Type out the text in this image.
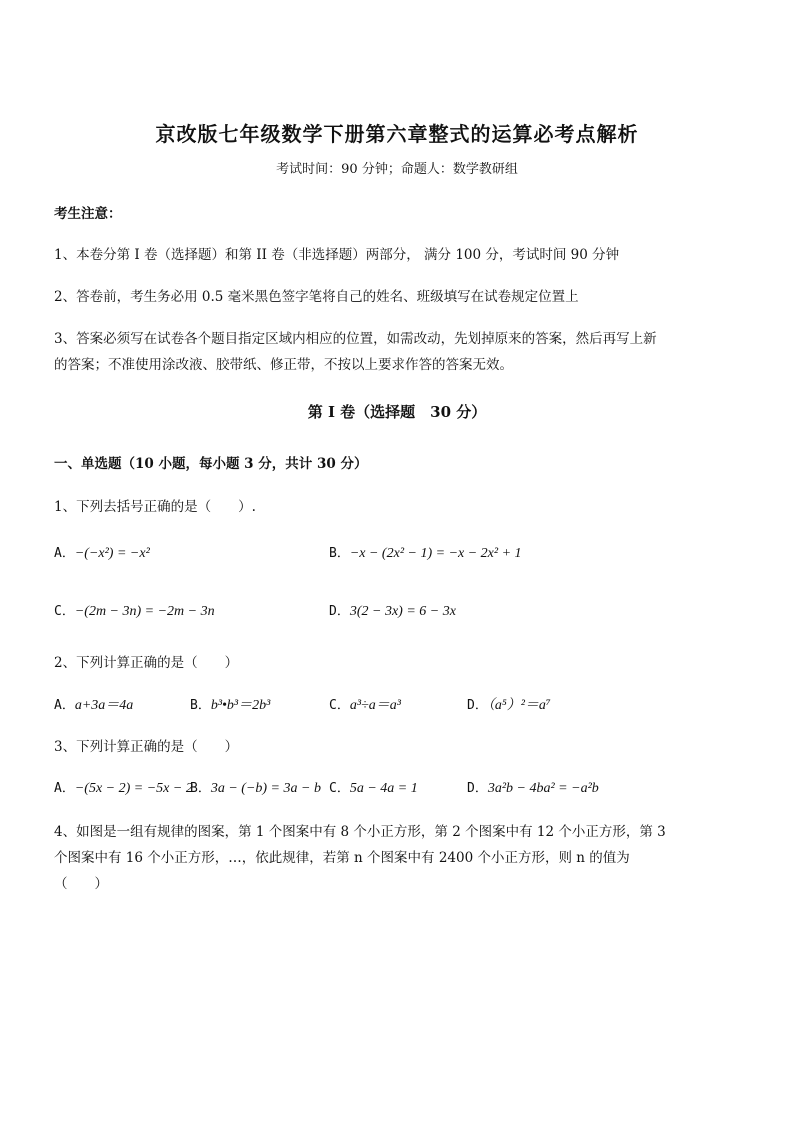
京改版七年级数学下册第六章整式的运算必考点解析
考试时间：90 分钟；命题人：数学教研组
考生注意：
1、本卷分第 I 卷（选择题）和第 II 卷（非选择题）两部分， 满分 100 分，考试时间 90 分钟
2、答卷前，考生务必用 0.5 毫米黑色签字笔将自己的姓名、班级填写在试卷规定位置上
3、答案必须写在试卷各个题目指定区域内相应的位置，如需改动，先划掉原来的答案，然后再写上新
的答案；不准使用涂改液、胶带纸、修正带，不按以上要求作答的答案无效。
第 I 卷（选择题　30 分）
一、单选题（10 小题，每小题 3 分，共计 30 分）
1、下列去括号正确的是（　　）.
A．−(−x²) = −x²	B．−x − (2x² − 1) = −x − 2x² + 1
C．−(2m − 3n) = −2m − 3n	D．3(2 − 3x) = 6 − 3x
2、下列计算正确的是（　　）
A．a+3a＝4a	B．b³•b³＝2b³	C．a³÷a＝a³	D．（a⁵）²＝a⁷
3、下列计算正确的是（　　）
A．−(5x − 2) = −5x − 2
B．3a − (−b) = 3a − b C．5a − 4a = 1	D．3a²b − 4ba² = −a²b
4、如图是一组有规律的图案，第 1 个图案中有 8 个小正方形，第 2 个图案中有 12 个小正方形，第 3
个图案中有 16 个小正方形，…，依此规律，若第 n 个图案中有 2400 个小正方形，则 n 的值为
（　　）
